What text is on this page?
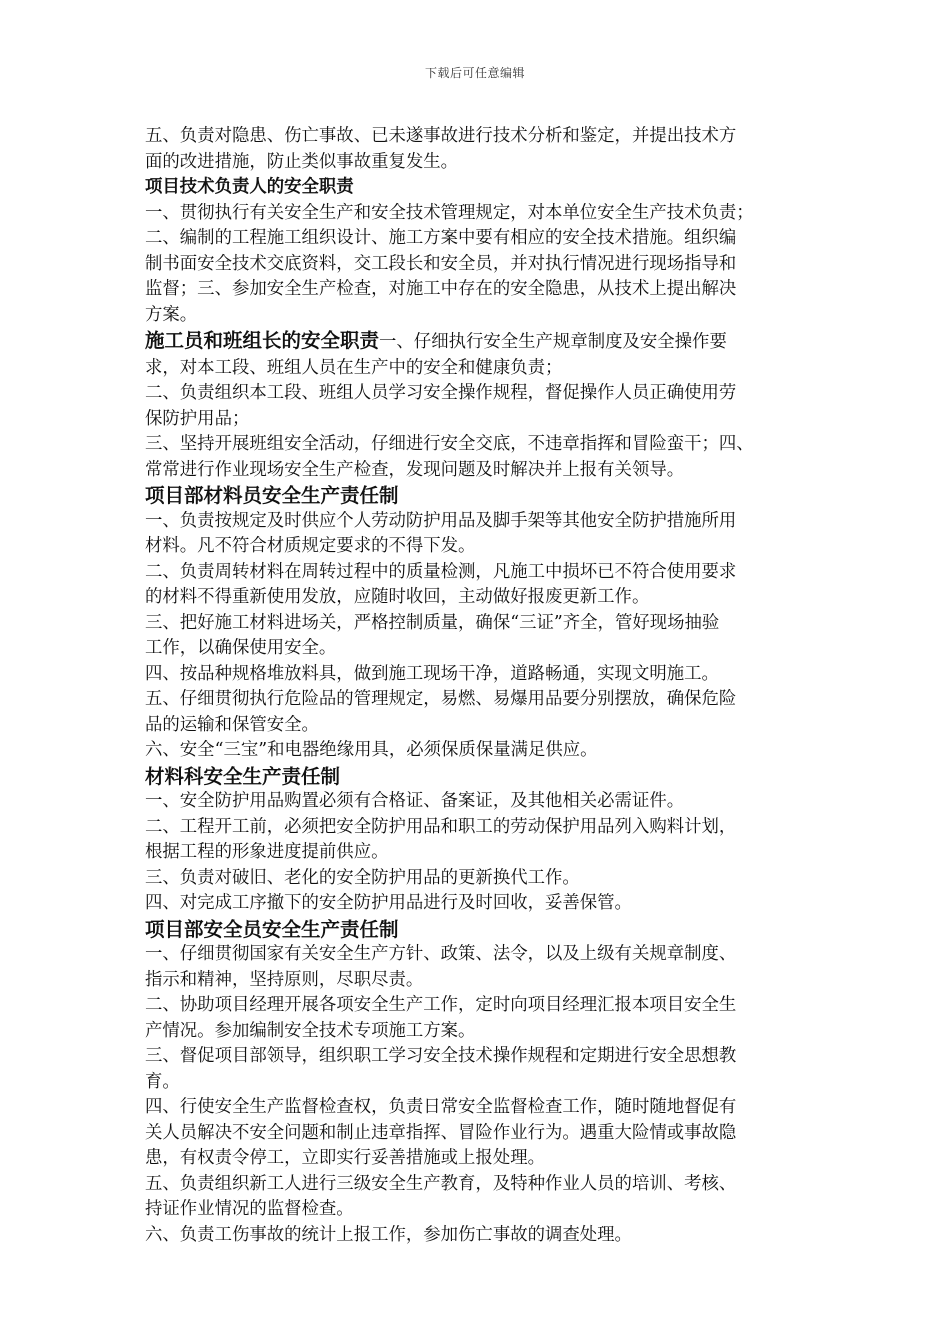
下载后可任意编辑

五、负责对隐患、伤亡事故、已未遂事故进行技术分析和鉴定，并提出技术方
面的改进措施，防止类似事故重复发生。

项目技术负责人的安全职责

一、贯彻执行有关安全生产和安全技术管理规定，对本单位安全生产技术负责；

二、编制的工程施工组织设计、施工方案中要有相应的安全技术措施。组织编
制书面安全技术交底资料，交工段长和安全员，并对执行情况进行现场指导和
监督；三、参加安全生产检查，对施工中存在的安全隐患，从技术上提出解决
方案。

施工员和班组长的安全职责一、仔细执行安全生产规章制度及安全操作要
求，对本工段、班组人员在生产中的安全和健康负责；

二、负责组织本工段、班组人员学习安全操作规程，督促操作人员正确使用劳
保防护用品；

三、坚持开展班组安全活动，仔细进行安全交底，不违章指挥和冒险蛮干；四、
常常进行作业现场安全生产检查，发现问题及时解决并上报有关领导。

项目部材料员安全生产责任制

一、负责按规定及时供应个人劳动防护用品及脚手架等其他安全防护措施所用
材料。凡不符合材质规定要求的不得下发。

二、负责周转材料在周转过程中的质量检测，凡施工中损坏已不符合使用要求
的材料不得重新使用发放，应随时收回，主动做好报废更新工作。

三、把好施工材料进场关，严格控制质量，确保“三证”齐全，管好现场抽验
工作，以确保使用安全。

四、按品种规格堆放料具，做到施工现场干净，道路畅通，实现文明施工。

五、仔细贯彻执行危险品的管理规定，易燃、易爆用品要分别摆放，确保危险
品的运输和保管安全。

六、安全“三宝”和电器绝缘用具，必须保质保量满足供应。

材料科安全生产责任制

一、安全防护用品购置必须有合格证、备案证，及其他相关必需证件。

二、工程开工前，必须把安全防护用品和职工的劳动保护用品列入购料计划，
根据工程的形象进度提前供应。

三、负责对破旧、老化的安全防护用品的更新换代工作。

四、对完成工序撤下的安全防护用品进行及时回收，妥善保管。

项目部安全员安全生产责任制

一、仔细贯彻国家有关安全生产方针、政策、法令，以及上级有关规章制度、
指示和精神，坚持原则，尽职尽责。

二、协助项目经理开展各项安全生产工作，定时向项目经理汇报本项目安全生
产情况。参加编制安全技术专项施工方案。

三、督促项目部领导，组织职工学习安全技术操作规程和定期进行安全思想教
育。

四、行使安全生产监督检查权，负责日常安全监督检查工作，随时随地督促有
关人员解决不安全问题和制止违章指挥、冒险作业行为。遇重大险情或事故隐
患，有权责令停工，立即实行妥善措施或上报处理。

五、负责组织新工人进行三级安全生产教育，及特种作业人员的培训、考核、
持证作业情况的监督检查。

六、负责工伤事故的统计上报工作，参加伤亡事故的调查处理。
